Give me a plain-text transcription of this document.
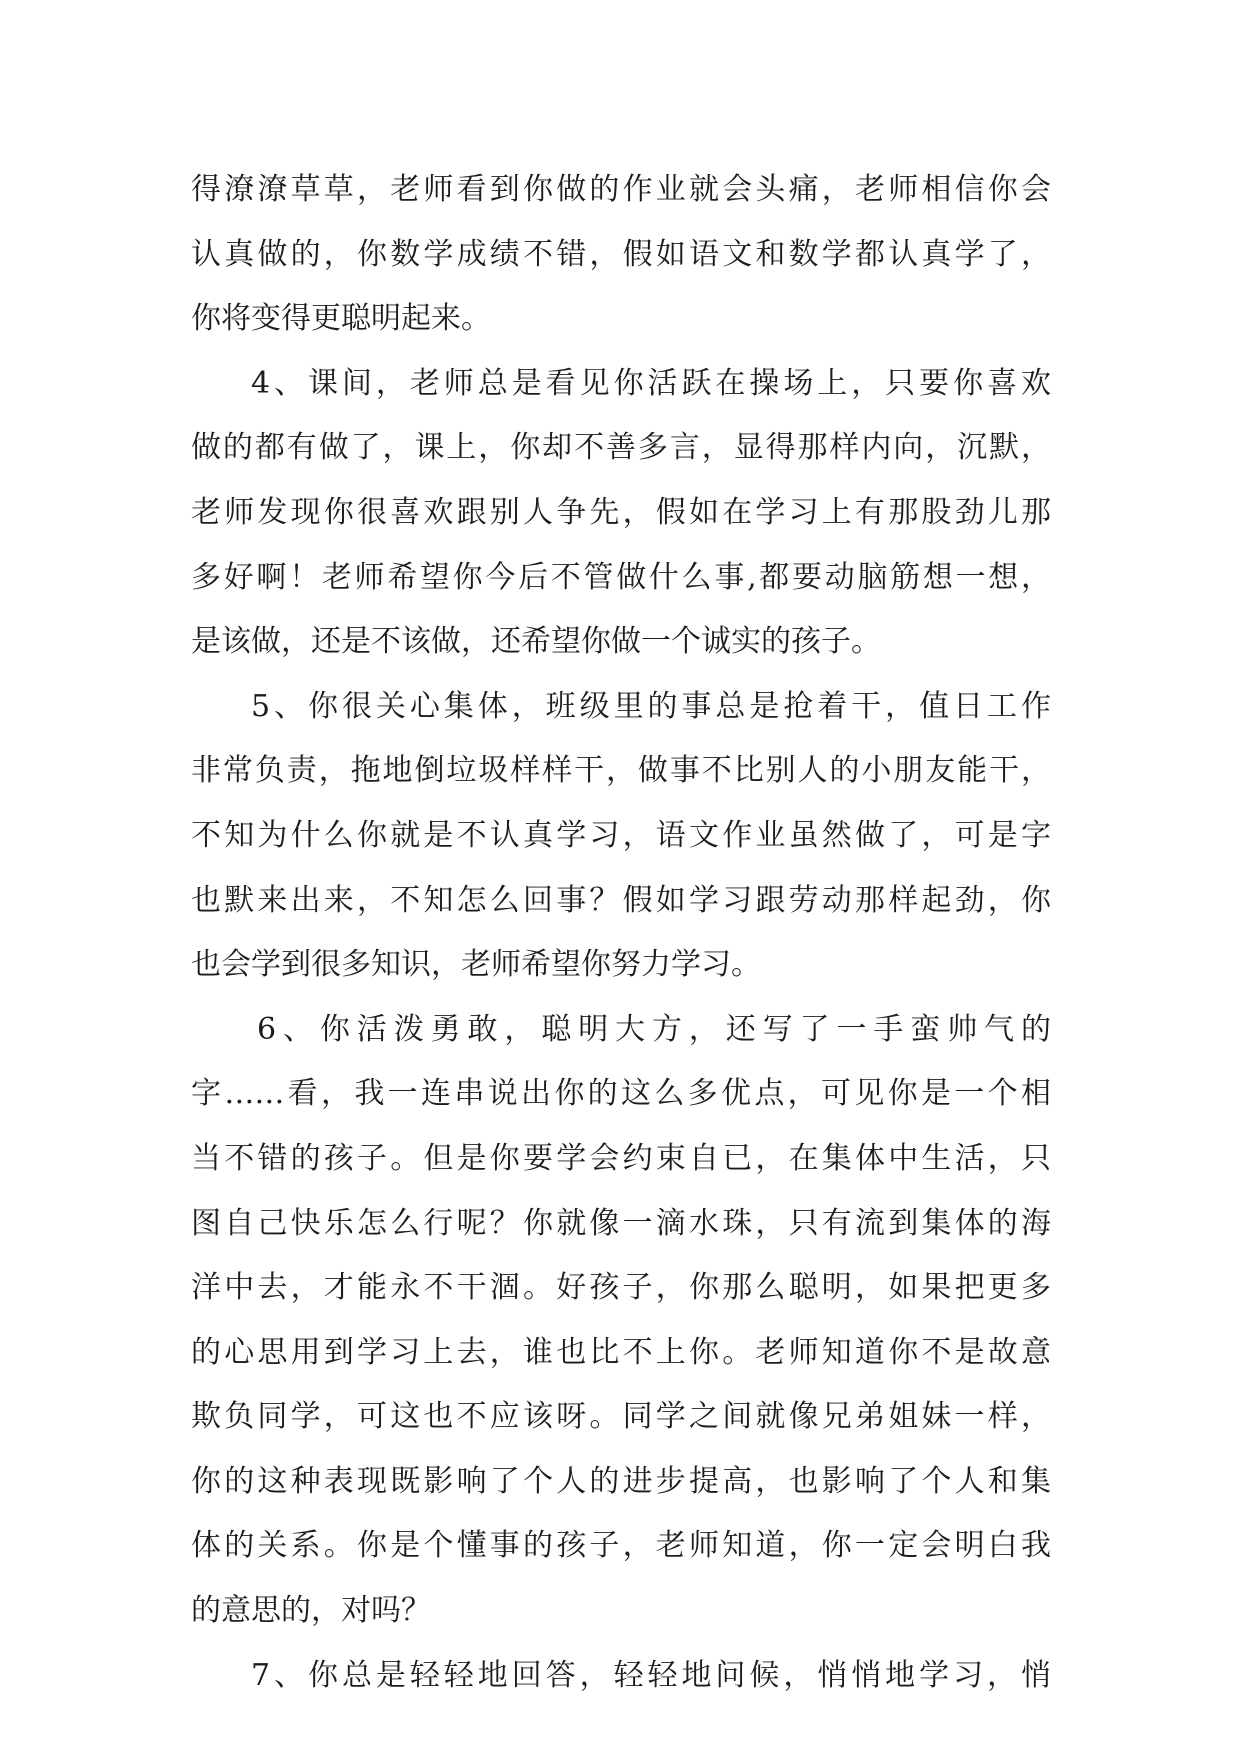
得潦潦草草，老师看到你做的作业就会头痛，老师相信你会
认真做的，你数学成绩不错，假如语文和数学都认真学了，
你将变得更聪明起来。
4、课间，老师总是看见你活跃在操场上，只要你喜欢
做的都有做了，课上，你却不善多言，显得那样内向，沉默，
老师发现你很喜欢跟别人争先，假如在学习上有那股劲儿那
多好啊！老师希望你今后不管做什么事,都要动脑筋想一想，
是该做，还是不该做，还希望你做一个诚实的孩子。
5、你很关心集体，班级里的事总是抢着干，值日工作
非常负责，拖地倒垃圾样样干，做事不比别人的小朋友能干，
不知为什么你就是不认真学习，语文作业虽然做了，可是字
也默来出来，不知怎么回事？假如学习跟劳动那样起劲，你
也会学到很多知识，老师希望你努力学习。
6、你活泼勇敢，聪明大方，还写了一手蛮帅气的
字……看，我一连串说出你的这么多优点，可见你是一个相
当不错的孩子。但是你要学会约束自已，在集体中生活，只
图自己快乐怎么行呢？你就像一滴水珠，只有流到集体的海
洋中去，才能永不干涸。好孩子，你那么聪明，如果把更多
的心思用到学习上去，谁也比不上你。老师知道你不是故意
欺负同学，可这也不应该呀。同学之间就像兄弟姐妹一样，
你的这种表现既影响了个人的进步提高，也影响了个人和集
体的关系。你是个懂事的孩子，老师知道，你一定会明白我
的意思的，对吗？
7、你总是轻轻地回答，轻轻地问候，悄悄地学习，悄
